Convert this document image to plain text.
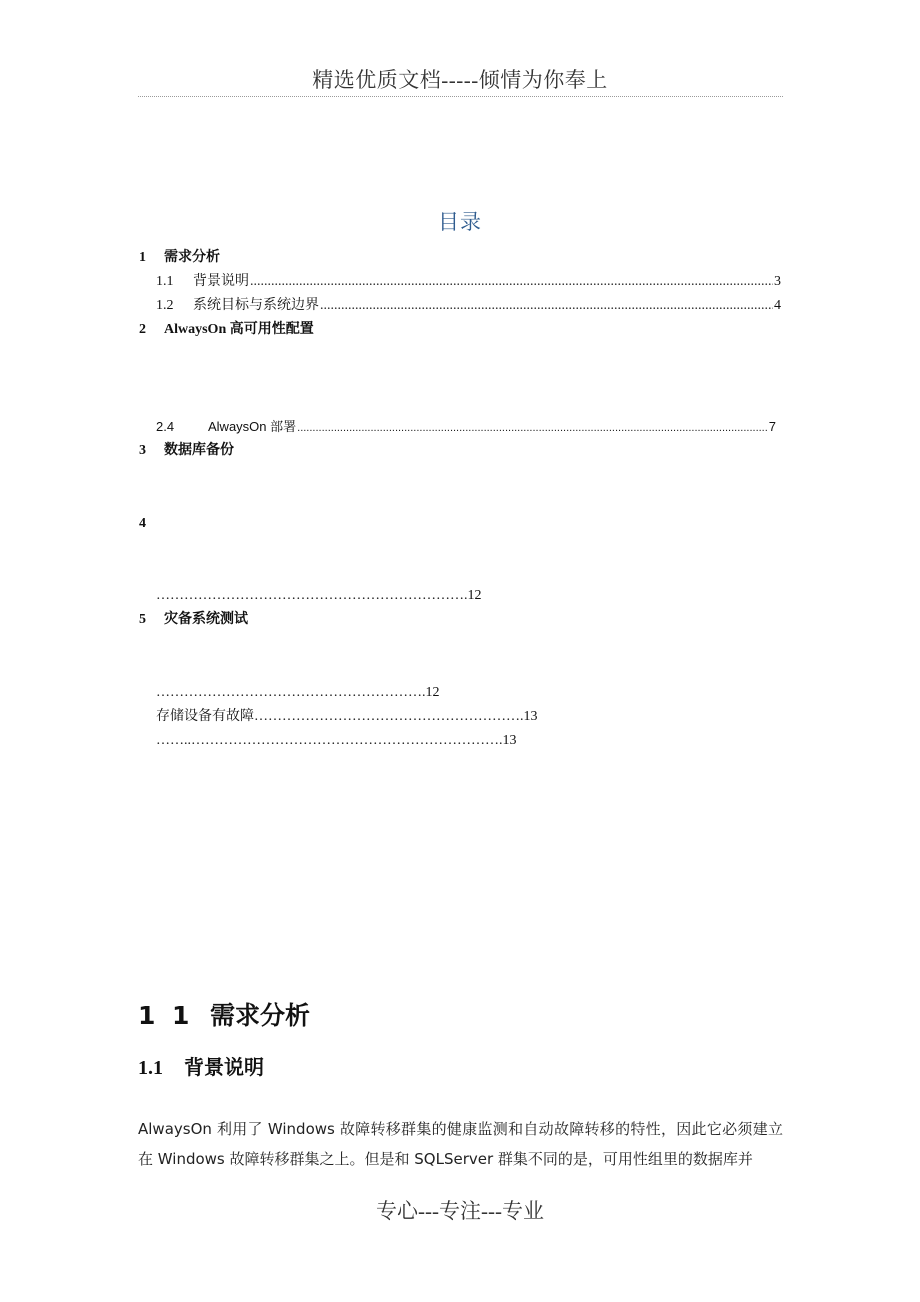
精选优质文档-----倾情为你奉上
目录
1 需求分析
1.1	背景说明 .....	3
1.2	系统目标与系统边界 .....	4
2 AlwaysOn 高可用性配置
2.4	AlwaysOn 部署 .....	7
3 数据库备份
4
………………………………………………………….12
5 灾备系统测试
………………………………………………….12
存储设备有故障………………………………………………….13
……..………………………………………………………….13
1 1 需求分析
1.1 背景说明
AlwaysOn 利用了 Windows 故障转移群集的健康监测和自动故障转移的特性，因此它必须建立在 Windows 故障转移群集之上。但是和 SQLServer 群集不同的是，可用性组里的数据库并
专心---专注---专业
